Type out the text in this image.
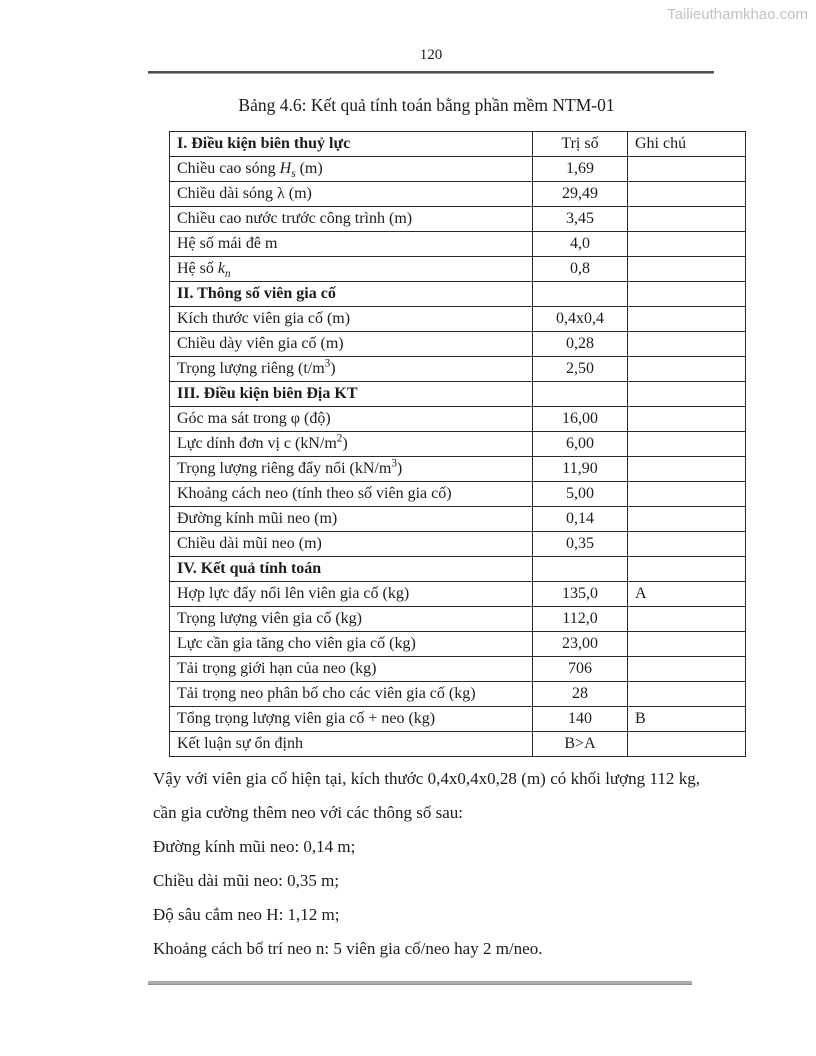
Tailieuthamkhao.com
120
Bảng 4.6: Kết quả tính toán bằng phần mềm NTM-01
I. Điều kiện biên thuỷ lực	Trị số	Ghi chú
Chiều cao sóng $H_s$ (m)	1,69	
Chiều dài sóng λ (m)	29,49	
Chiều cao nước trước công trình (m)	3,45	
Hệ số mái đê m	4,0	
Hệ số $k_n$	0,8	
II. Thông số viên gia cố		
Kích thước viên gia cố (m)	0,4x0,4	
Chiều dày viên gia cố (m)	0,28	
Trọng lượng riêng $(t/m^3)$	2,50	
III. Điều kiện biên Địa KT		
Góc ma sát trong φ (độ)	16,00	
Lực dính đơn vị c $(kN/m^2)$	6,00	
Trọng lượng riêng đẩy nổi $(kN/m^3)$	11,90	
Khoảng cách neo (tính theo số viên gia cố)	5,00	
Đường kính mũi neo (m)	0,14	
Chiều dài mũi neo (m)	0,35	
IV. Kết quả tính toán		
Hợp lực đẩy nổi lên viên gia cố (kg)	135,0	A
Trọng lượng viên gia cố (kg)	112,0	
Lực cần gia tăng cho viên gia cố (kg)	23,00	
Tải trọng giới hạn của neo (kg)	706	
Tải trọng neo phân bố cho các viên gia cố (kg)	28	
Tổng trọng lượng viên gia cố + neo (kg)	140	B
Kết luận sự ổn định	B>A	

Vậy với viên gia cố hiện tại, kích thước 0,4x0,4x0,28 (m) có khối lượng 112 kg, cần gia cường thêm neo với các thông số sau:

Đường kính mũi neo: 0,14 m;

Chiều dài mũi neo: 0,35 m;

Độ sâu cắm neo H: 1,12 m;

Khoảng cách bố trí neo n: 5 viên gia cố/neo hay 2 m/neo.
